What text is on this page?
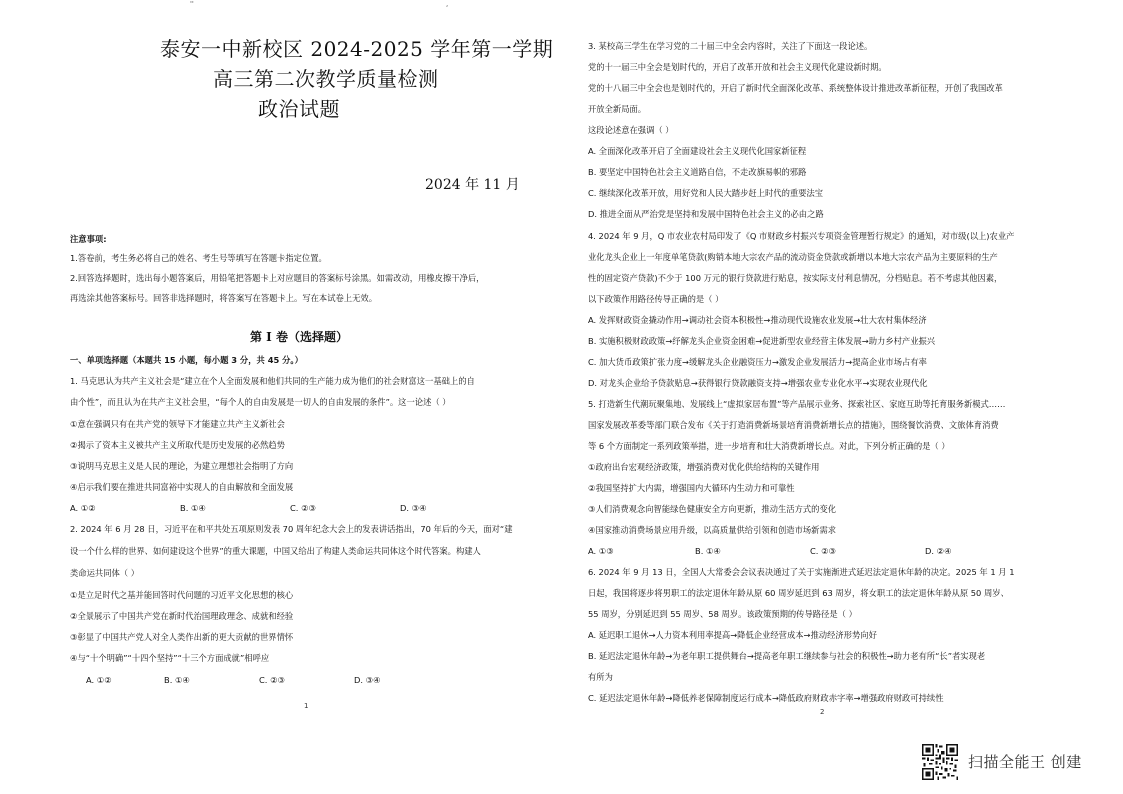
''
泰安一中新校区 2024-2025 学年第一学期
高三第二次教学质量检测
政治试题
2024 年 11 月
注意事项:
1.答卷前，考生务必将自己的姓名、考生号等填写在答题卡指定位置。
2.回答选择题时，选出每小题答案后，用铅笔把答题卡上对应题目的答案标号涂黑。如需改动，用橡皮擦干净后，
再选涂其他答案标号。回答非选择题时，将答案写在答题卡上。写在本试卷上无效。
第 I 卷（选择题）
一、单项选择题（本题共 15 小题，每小题 3 分，共 45 分。）
1. 马克思认为共产主义社会是“建立在个人全面发展和他们共同的生产能力成为他们的社会财富这一基础上的自
由个性”，而且认为在共产主义社会里，“每个人的自由发展是一切人的自由发展的条件”。这一论述（ ）
①意在强调只有在共产党的领导下才能建立共产主义新社会
②揭示了资本主义被共产主义所取代是历史发展的必然趋势
③说明马克思主义是人民的理论，为建立理想社会指明了方向
④启示我们要在推进共同富裕中实现人的自由解放和全面发展
A. ①②	B. ①④	C. ②③	D. ③④
2. 2024 年 6 月 28 日，习近平在和平共处五项原则发表 70 周年纪念大会上的发表讲话指出，70 年后的今天，面对“建
设一个什么样的世界、如何建设这个世界”的重大课题，中国又给出了构建人类命运共同体这个时代答案。构建人
类命运共同体（ ）
①是立足时代之基并能回答时代问题的习近平文化思想的核心
②全景展示了中国共产党在新时代治国理政理念、成就和经验
③彰显了中国共产党人对全人类作出新的更大贡献的世界情怀
④与“十个明确”“十四个坚持”“十三个方面成就”相呼应
A. ①②	B. ①④	C. ②③	D. ③④
1
,
3. 某校高三学生在学习党的二十届三中全会内容时，关注了下面这一段论述。
党的十一届三中全会是划时代的，开启了改革开放和社会主义现代化建设新时期。
党的十八届三中全会也是划时代的，开启了新时代全面深化改革、系统整体设计推进改革新征程，开创了我国改革
开放全新局面。
这段论述意在强调（ ）
A. 全面深化改革开启了全面建设社会主义现代化国家新征程
B. 要坚定中国特色社会主义道路自信，不走改旗易帜的邪路
C. 继续深化改革开放，用好党和人民大踏步赶上时代的重要法宝
D. 推进全面从严治党是坚持和发展中国特色社会主义的必由之路
4. 2024 年 9 月，Q 市农业农村局印发了《Q 市财政乡村振兴专项资金管理暂行规定》的通知，对市级(以上)农业产
业化龙头企业上一年度单笔贷款(购销本地大宗农产品的流动资金贷款或新增以本地大宗农产品为主要原料的生产
性的固定资产贷款)不少于 100 万元的银行贷款进行贴息，按实际支付利息情况，分档贴息。若不考虑其他因素，
以下政策作用路径传导正确的是（ ）
A. 发挥财政资金撬动作用→调动社会资本积极性→推动现代设施农业发展→壮大农村集体经济
B. 实施积极财政政策→纾解龙头企业资金困难→促进新型农业经营主体发展→助力乡村产业振兴
C. 加大货币政策扩张力度→缓解龙头企业融资压力→激发企业发展活力→提高企业市场占有率
D. 对龙头企业给予贷款贴息→获得银行贷款融资支持→增强农业专业化水平→实现农业现代化
5. 打造新生代潮玩聚集地、发展线上“虚拟家居布置”等产品展示业务、探索社区、家庭互助等托育服务新模式……
国家发展改革委等部门联合发布《关于打造消费新场景培育消费新增长点的措施》，围绕餐饮消费、文旅体育消费
等 6 个方面制定一系列政策举措，进一步培育和壮大消费新增长点。对此，下列分析正确的是（ ）
①政府出台宏观经济政策，增强消费对优化供给结构的关键作用
②我国坚持扩大内需，增强国内大循环内生动力和可靠性
③人们消费观念向智能绿色健康安全方向更新，推动生活方式的变化
④国家推动消费场景应用升级，以高质量供给引领和创造市场新需求
A. ①③	B. ①④	C. ②③	D. ②④
6. 2024 年 9 月 13 日，全国人大常委会会议表决通过了关于实施渐进式延迟法定退休年龄的决定。2025 年 1 月 1
日起，我国将逐步将男职工的法定退休年龄从原 60 周岁延迟到 63 周岁，将女职工的法定退休年龄从原 50 周岁、
55 周岁，分别延迟到 55 周岁、58 周岁。该政策预期的传导路径是（ ）
A. 延迟职工退休→人力资本利用率提高→降低企业经营成本→推动经济形势向好
B. 延迟法定退休年龄→为老年职工提供舞台→提高老年职工继续参与社会的积极性→助力老有所“长”者实现老
有所为
C. 延迟法定退休年龄→降低养老保障制度运行成本→降低政府财政赤字率→增强政府财政可持续性
2
扫描全能王 创建
